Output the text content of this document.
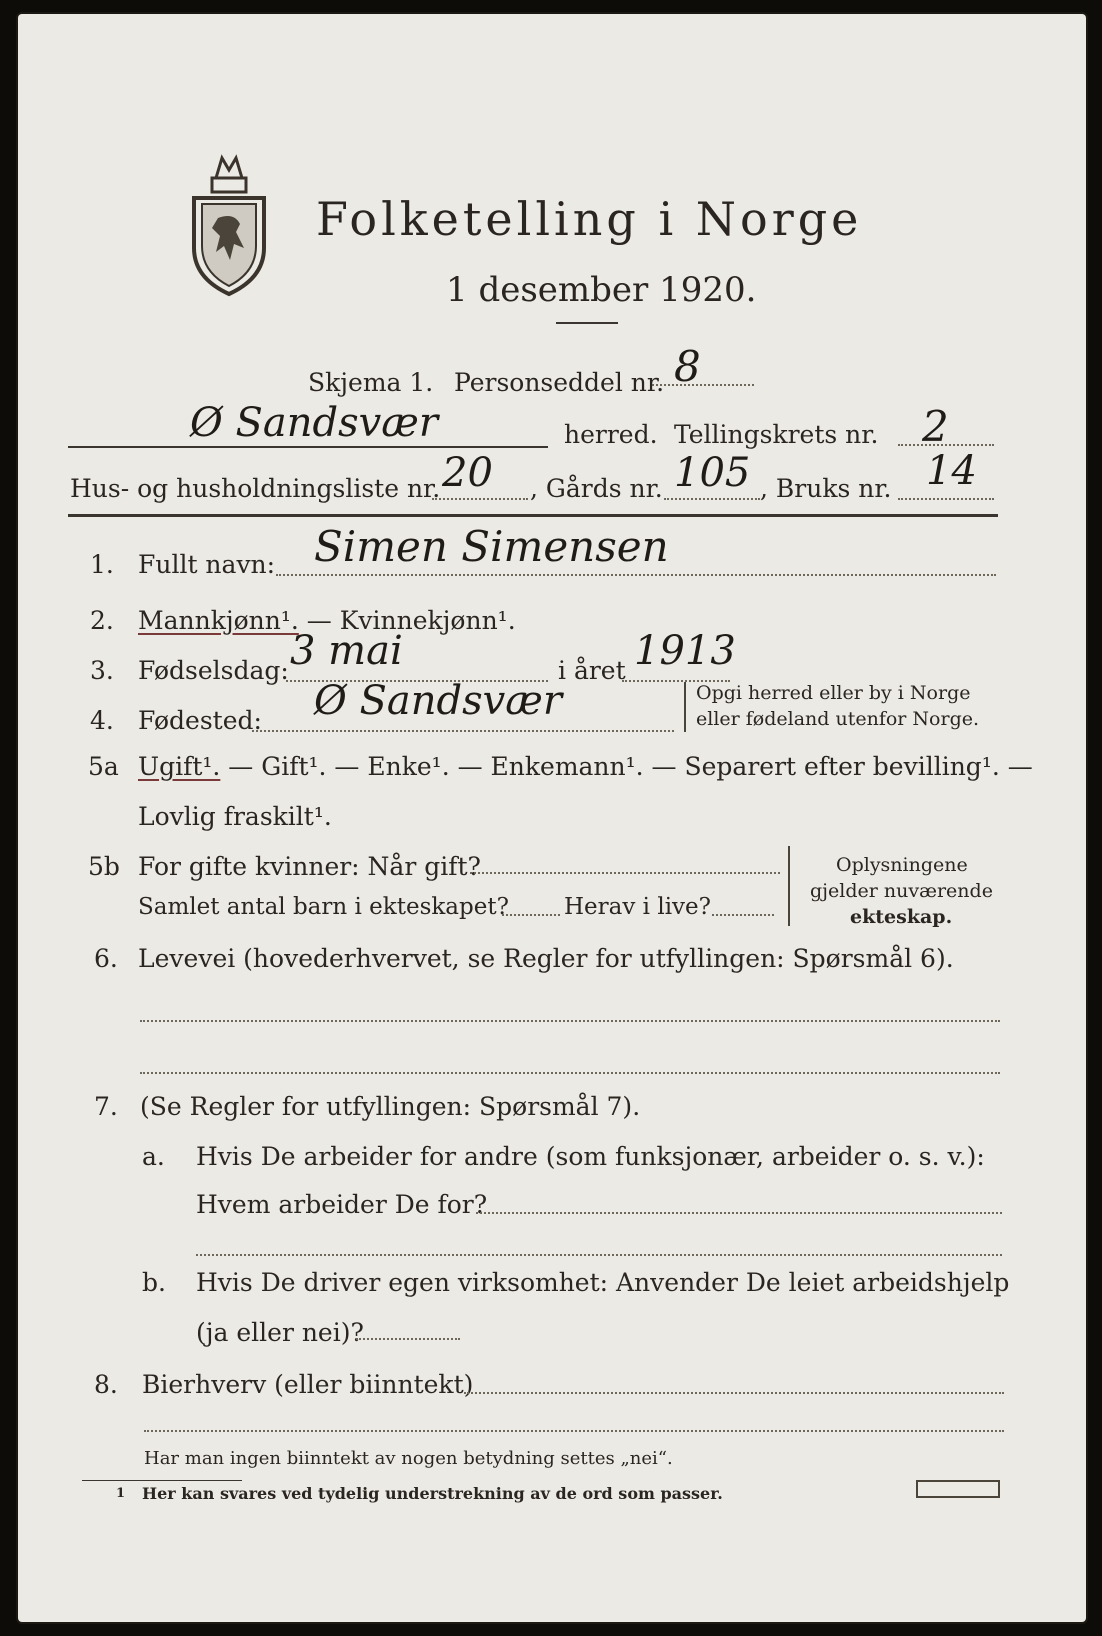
Folketelling i Norge
1 desember 1920.
Skjema 1. Personseddel nr. 8
Ø Sandsvær	herred. Tellingskrets nr. 2
Hus- og husholdningsliste nr. 20 , Gårds nr. 105 , Bruks nr. 14
1. Fullt navn: Simen Simensen
2. Mannkjønn¹. — Kvinnekjønn¹.
3. Fødselsdag: 3 mai	i året 1913
4. Fødested: Ø Sandsvær	Opgi herred eller by i Norge
eller fødeland utenfor Norge.
5a Ugift¹. — Gift¹. — Enke¹. — Enkemann¹. — Separert efter bevilling¹. —
Lovlig fraskilt¹.
5b For gifte kvinner: Når gift?
Samlet antal barn i ekteskapet? Herav i live?
Oplysningene
gjelder nuværende
ekteskap.
6. Levevei (hovederhvervet, se Regler for utfyllingen: Spørsmål 6).
7. (Se Regler for utfyllingen: Spørsmål 7).
a. Hvis De arbeider for andre (som funksjonær, arbeider o. s. v.):
Hvem arbeider De for?
b. Hvis De driver egen virksomhet: Anvender De leiet arbeidshjelp
(ja eller nei)?
8. Bierhverv (eller biinntekt)
Har man ingen biinntekt av nogen betydning settes „nei“.
1 Her kan svares ved tydelig understrekning av de ord som passer.
